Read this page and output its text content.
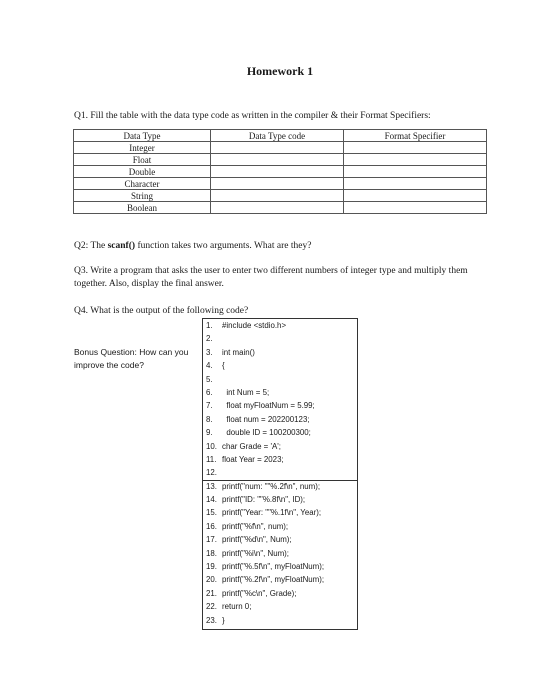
Homework 1
Q1. Fill the table with the data type code as written in the compiler & their Format Specifiers:
Data Type	Data Type code	Format Specifier
Integer		
Float		
Double		
Character		
String		
Boolean		
Q2: The scanf() function takes two arguments. What are they?
Q3. Write a program that asks the user to enter two different numbers of integer type and multiply them together. Also, display the final answer.
Q4. What is the output of the following code?
Bonus Question: How can you improve the code?
1. #include <stdio.h>
2.
3. int main()
4. {
5.
6.  int Num = 5;
7.  float myFloatNum = 5.99;
8.  float num = 202200123;
9.  double ID = 100200300;
10. char Grade = 'A';
11. float Year = 2023;
12.
13. printf("num: ""%.2f\n", num);
14. printf("ID: ""%.8f\n", ID);
15. printf("Year: ""%.1f\n", Year);
16. printf("%f\n", num);
17. printf("%d\n", Num);
18. printf("%i\n", Num);
19. printf("%.5f\n", myFloatNum);
20. printf("%.2f\n", myFloatNum);
21. printf("%c\n", Grade);
22. return 0;
23. }
